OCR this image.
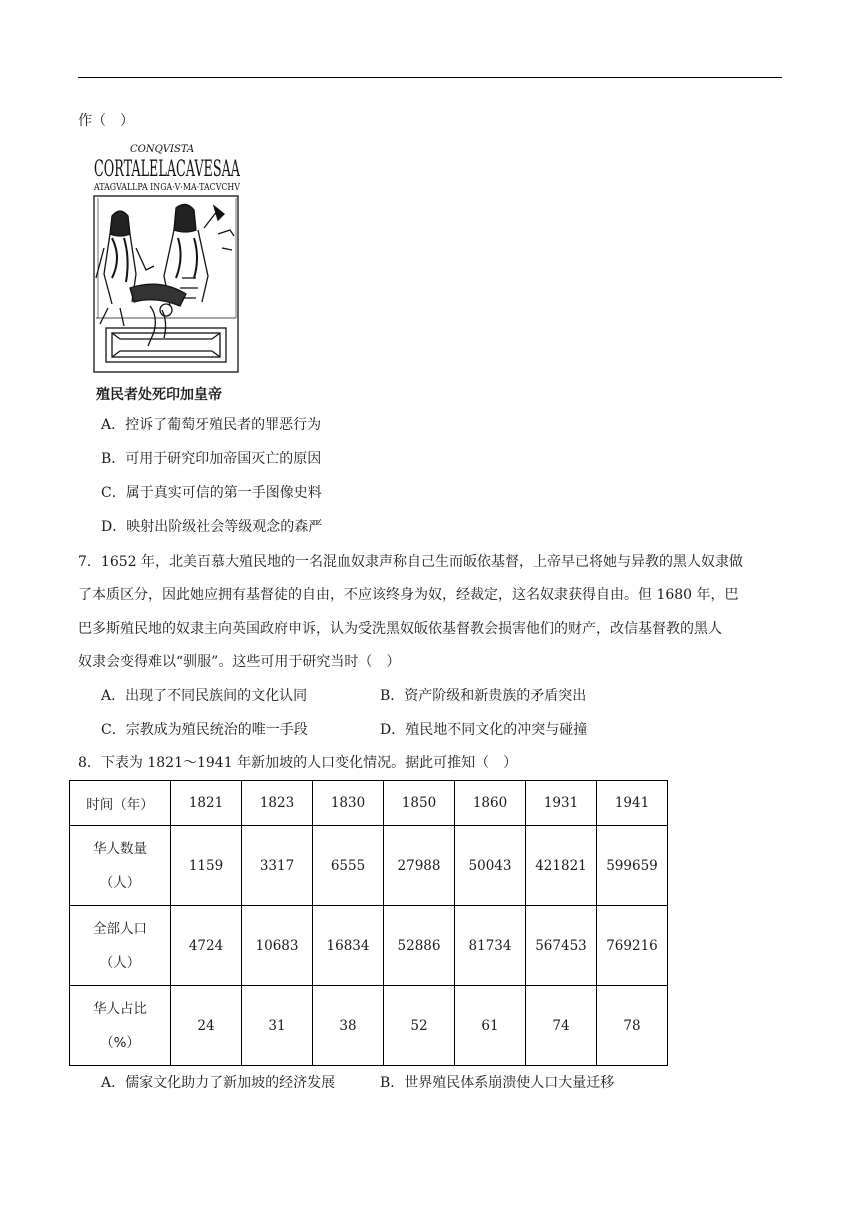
作（　）
CONQVISTA
CORTALELACAVESAA
ATAGVALLPA INGA·V·MA·TACVCHV
殖民者处死印加皇帝
A．控诉了葡萄牙殖民者的罪恶行为
B．可用于研究印加帝国灭亡的原因
C．属于真实可信的第一手图像史料
D．映射出阶级社会等级观念的森严
7．1652 年，北美百慕大殖民地的一名混血奴隶声称自己生而皈依基督，上帝早已将她与异教的黑人奴隶做
了本质区分，因此她应拥有基督徒的自由，不应该终身为奴，经裁定，这名奴隶获得自由。但 1680 年，巴
巴多斯殖民地的奴隶主向英国政府申诉，认为受洗黑奴皈依基督教会损害他们的财产，改信基督教的黑人
奴隶会变得难以“驯服”。这些可用于研究当时（　）
A．出现了不同民族间的文化认同	B．资产阶级和新贵族的矛盾突出
C．宗教成为殖民统治的唯一手段	D．殖民地不同文化的冲突与碰撞
8．下表为 1821～1941 年新加坡的人口变化情况。据此可推知（　）
时间（年）	1821	1823	1830	1850	1860	1931	1941

华人数量
（人）	1159	3317	6555	27988	50043	421821	599659

全部人口
（人）	4724	10683	16834	52886	81734	567453	769216

华人占比
（%）	24	31	38	52	61	74	78
A．儒家文化助力了新加坡的经济发展	B．世界殖民体系崩溃使人口大量迁移
